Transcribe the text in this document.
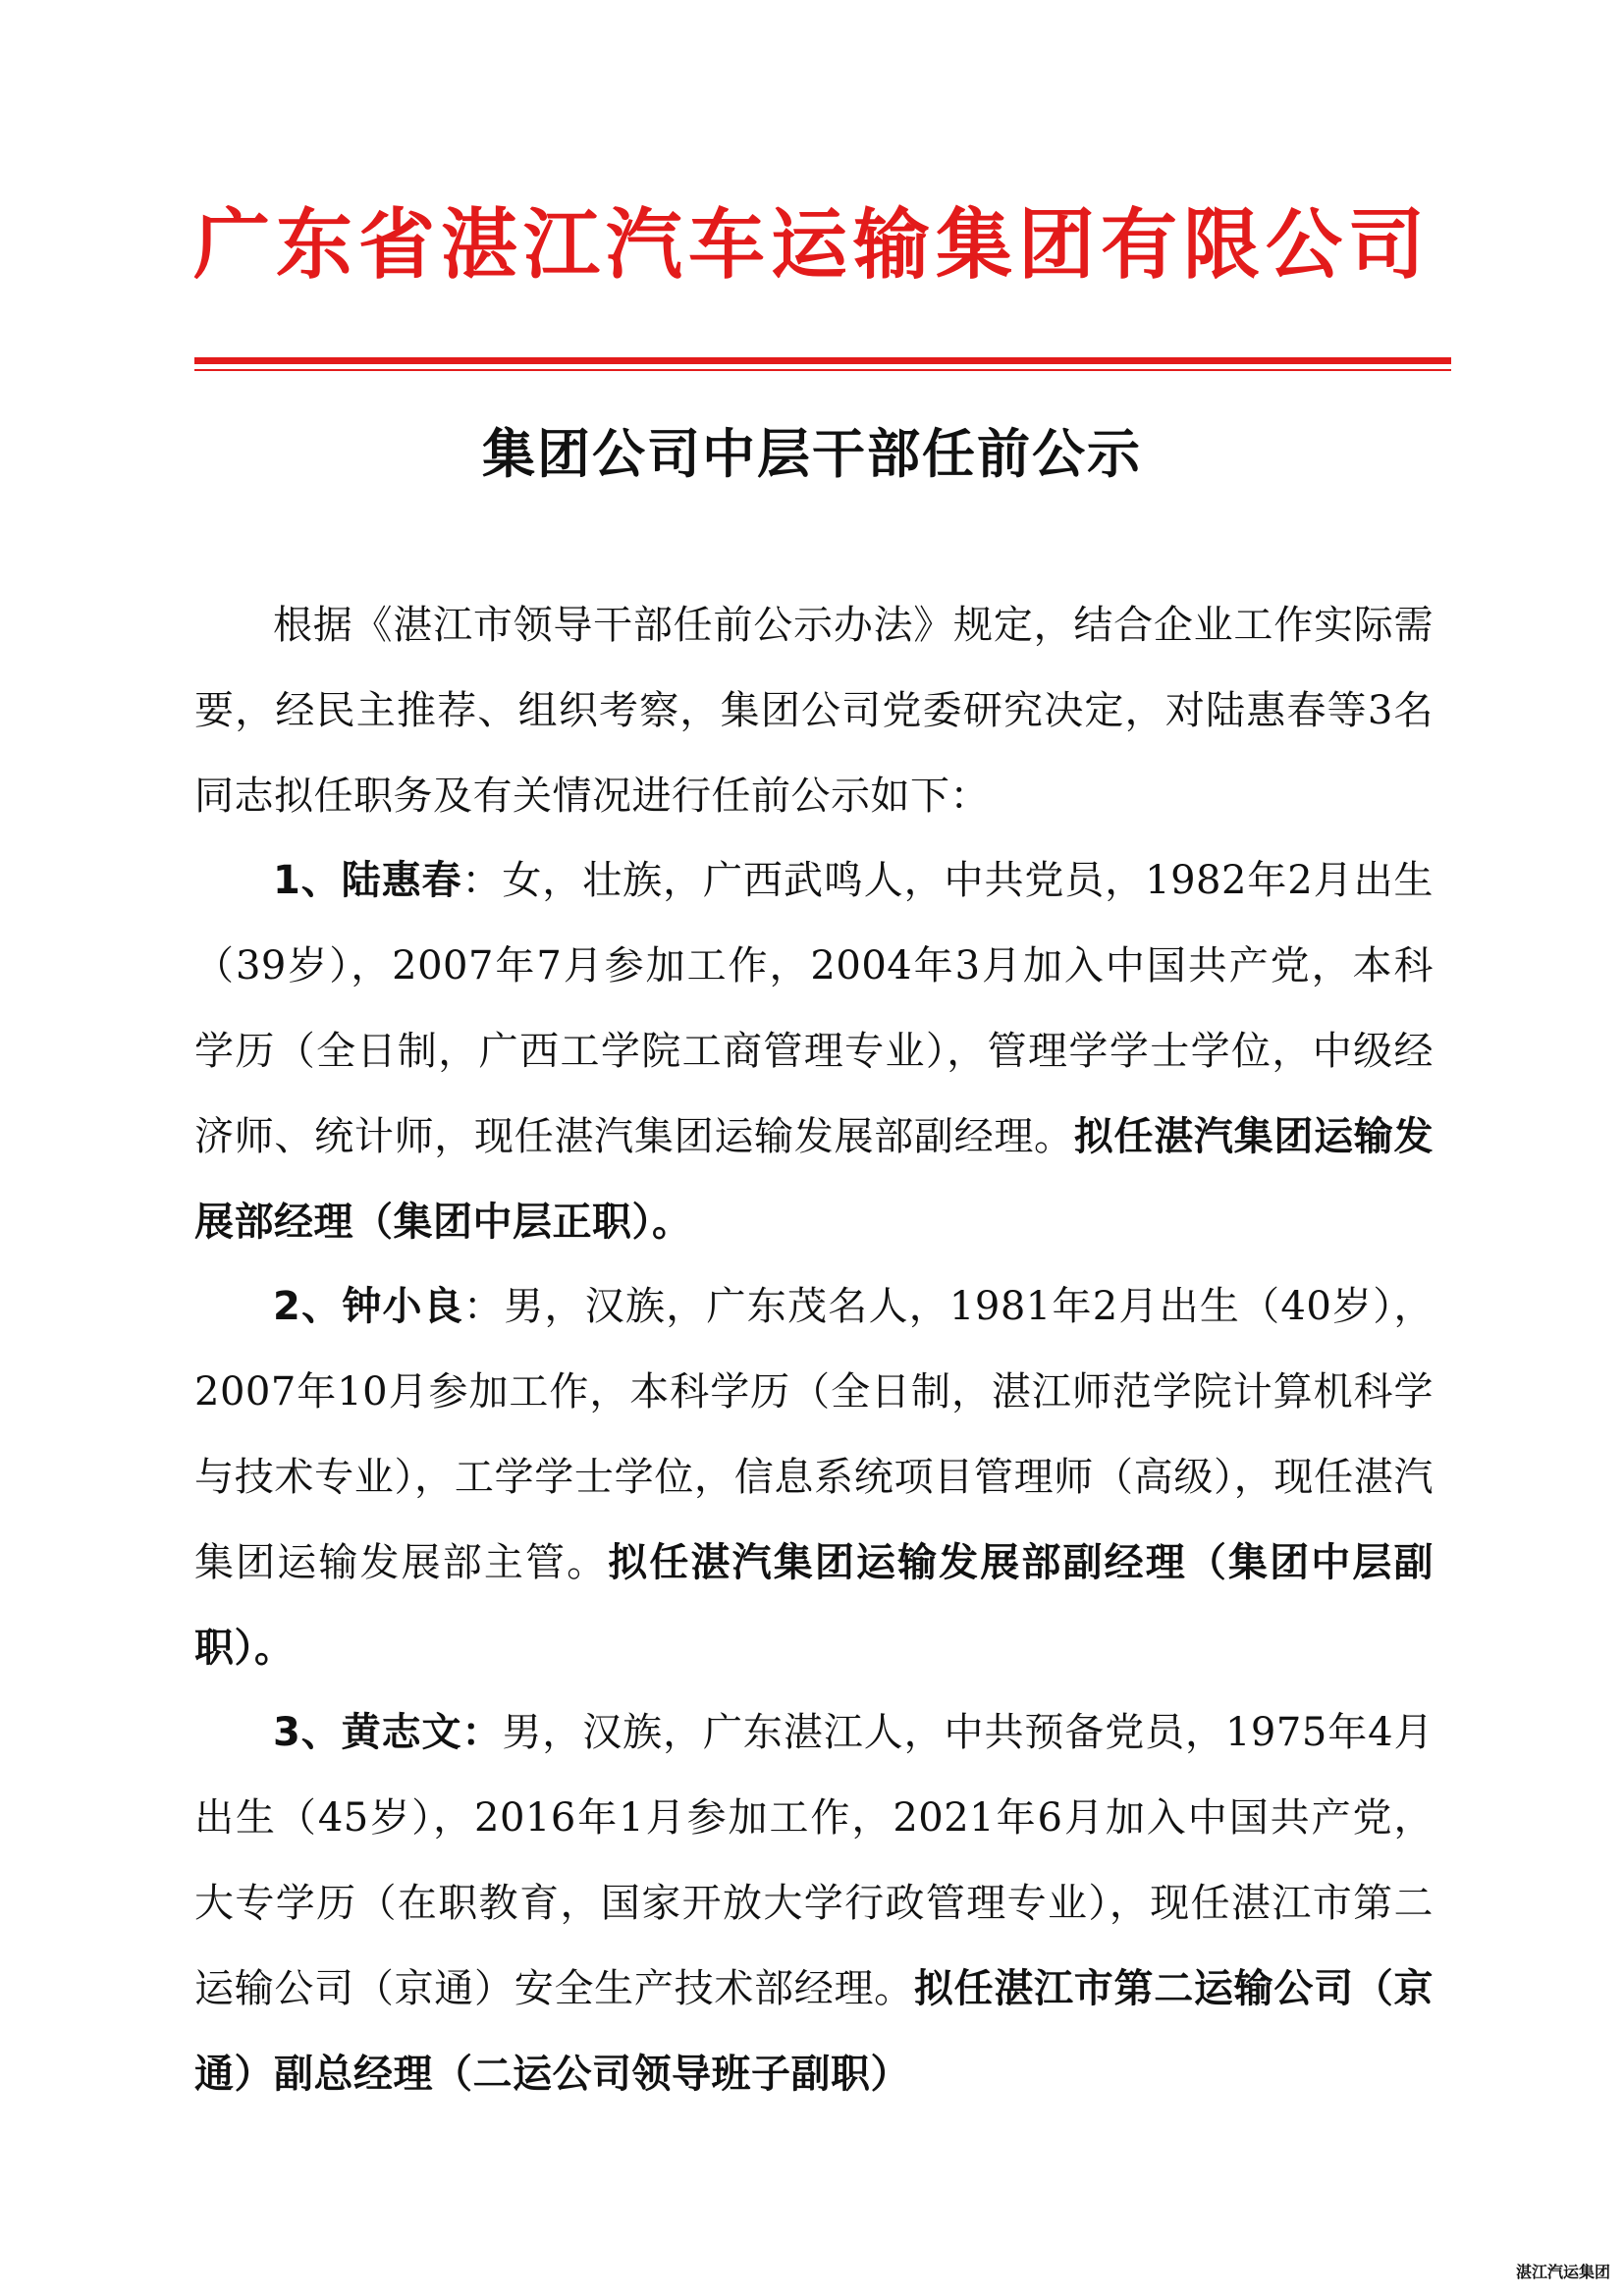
广东省湛江汽车运输集团有限公司
集团公司中层干部任前公示

根据《湛江市领导干部任前公示办法》规定，结合企业工作实际需要，经民主推荐、组织考察，集团公司党委研究决定，对陆惠春等3名同志拟任职务及有关情况进行任前公示如下：

1、陆惠春：女，壮族，广西武鸣人，中共党员，1982年2月出生（39岁），2007年7月参加工作，2004年3月加入中国共产党，本科学历（全日制，广西工学院工商管理专业），管理学学士学位，中级经济师、统计师，现任湛汽集团运输发展部副经理。拟任湛汽集团运输发展部经理（集团中层正职）。

2、钟小良：男，汉族，广东茂名人，1981年2月出生（40岁），2007年10月参加工作，本科学历（全日制，湛江师范学院计算机科学与技术专业），工学学士学位，信息系统项目管理师（高级），现任湛汽集团运输发展部主管。拟任湛汽集团运输发展部副经理（集团中层副职）。

3、黄志文：男，汉族，广东湛江人，中共预备党员，1975年4月出生（45岁），2016年1月参加工作，2021年6月加入中国共产党，大专学历（在职教育，国家开放大学行政管理专业），现任湛江市第二运输公司（京通）安全生产技术部经理。拟任湛江市第二运输公司（京通）副总经理（二运公司领导班子副职）

湛江汽运集团
